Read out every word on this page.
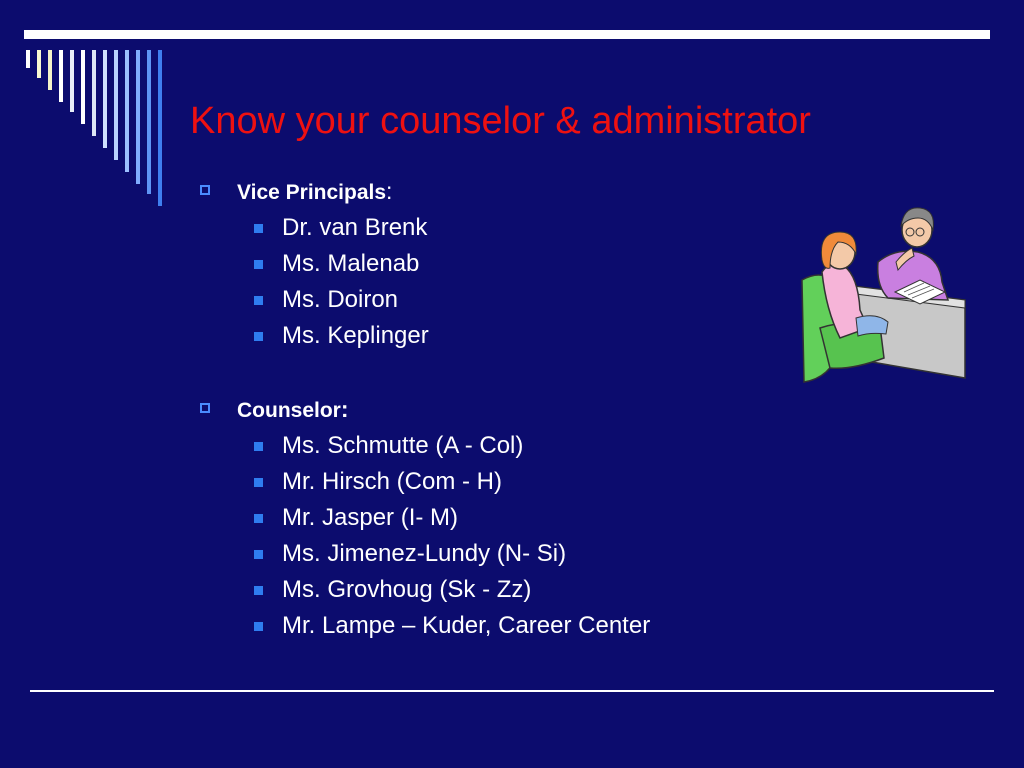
Know your counselor & administrator
Vice Principals:
Dr. van Brenk
Ms. Malenab
Ms. Doiron
Ms. Keplinger
Counselor:
Ms. Schmutte (A - Col)
Mr. Hirsch (Com - H)
Mr. Jasper (I- M)
Ms. Jimenez-Lundy (N- Si)
Ms. Grovhoug (Sk - Zz)
Mr. Lampe – Kuder, Career Center
